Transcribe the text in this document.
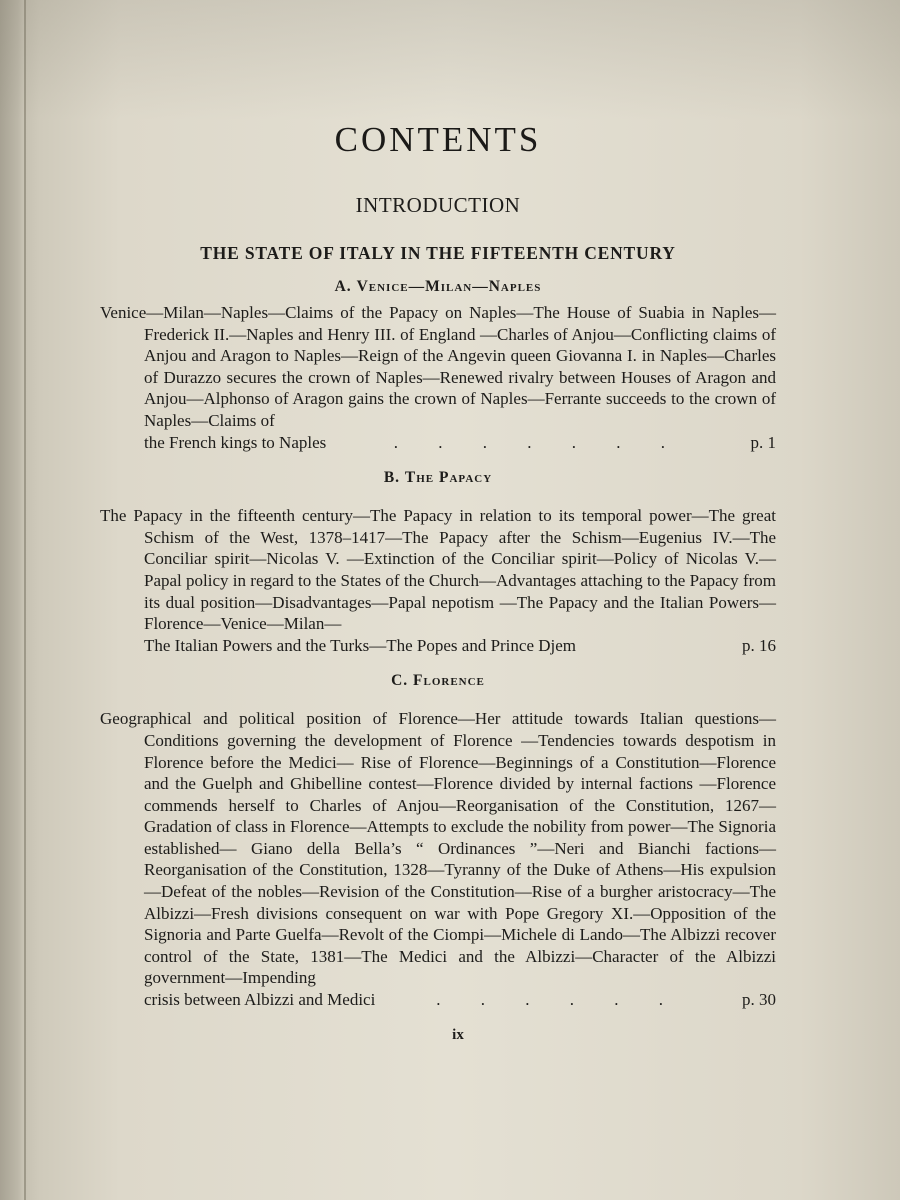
CONTENTS
INTRODUCTION
THE STATE OF ITALY IN THE FIFTEENTH CENTURY
A. Venice—Milan—Naples

Venice—Milan—Naples—Claims of the Papacy on Naples—The House of Suabia in Naples—Frederick II.—Naples and Henry III. of England —Charles of Anjou—Conflicting claims of Anjou and Aragon to Naples—Reign of the Angevin queen Giovanna I. in Naples—Charles of Durazzo secures the crown of Naples—Renewed rivalry between Houses of Aragon and Anjou—Alphonso of Aragon gains the crown of Naples—Ferrante succeeds to the crown of Naples—Claims of

the French kings to Naples	. . . . . . .	p. 1
B. The Papacy

The Papacy in the fifteenth century—The Papacy in relation to its temporal power—The great Schism of the West, 1378–1417—The Papacy after the Schism—Eugenius IV.—The Conciliar spirit—Nicolas V. —Extinction of the Conciliar spirit—Policy of Nicolas V.—Papal policy in regard to the States of the Church—Advantages attaching to the Papacy from its dual position—Disadvantages—Papal nepotism —The Papacy and the Italian Powers—Florence—Venice—Milan—

The Italian Powers and the Turks—The Popes and Prince Djem	p. 16
C. Florence

Geographical and political position of Florence—Her attitude towards Italian questions—Conditions governing the development of Florence —Tendencies towards despotism in Florence before the Medici— Rise of Florence—Beginnings of a Constitution—Florence and the Guelph and Ghibelline contest—Florence divided by internal factions —Florence commends herself to Charles of Anjou—Reorganisation of the Constitution, 1267—Gradation of class in Florence—Attempts to exclude the nobility from power—The Signoria established— Giano della Bella’s “ Ordinances ”—Neri and Bianchi factions— Reorganisation of the Constitution, 1328—Tyranny of the Duke of Athens—His expulsion—Defeat of the nobles—Revision of the Constitution—Rise of a burgher aristocracy—The Albizzi—Fresh divisions consequent on war with Pope Gregory XI.—Opposition of the Signoria and Parte Guelfa—Revolt of the Ciompi—Michele di Lando—The Albizzi recover control of the State, 1381—The Medici and the Albizzi—Character of the Albizzi government—Impending

crisis between Albizzi and Medici	. . . . . .	p. 30
ix
